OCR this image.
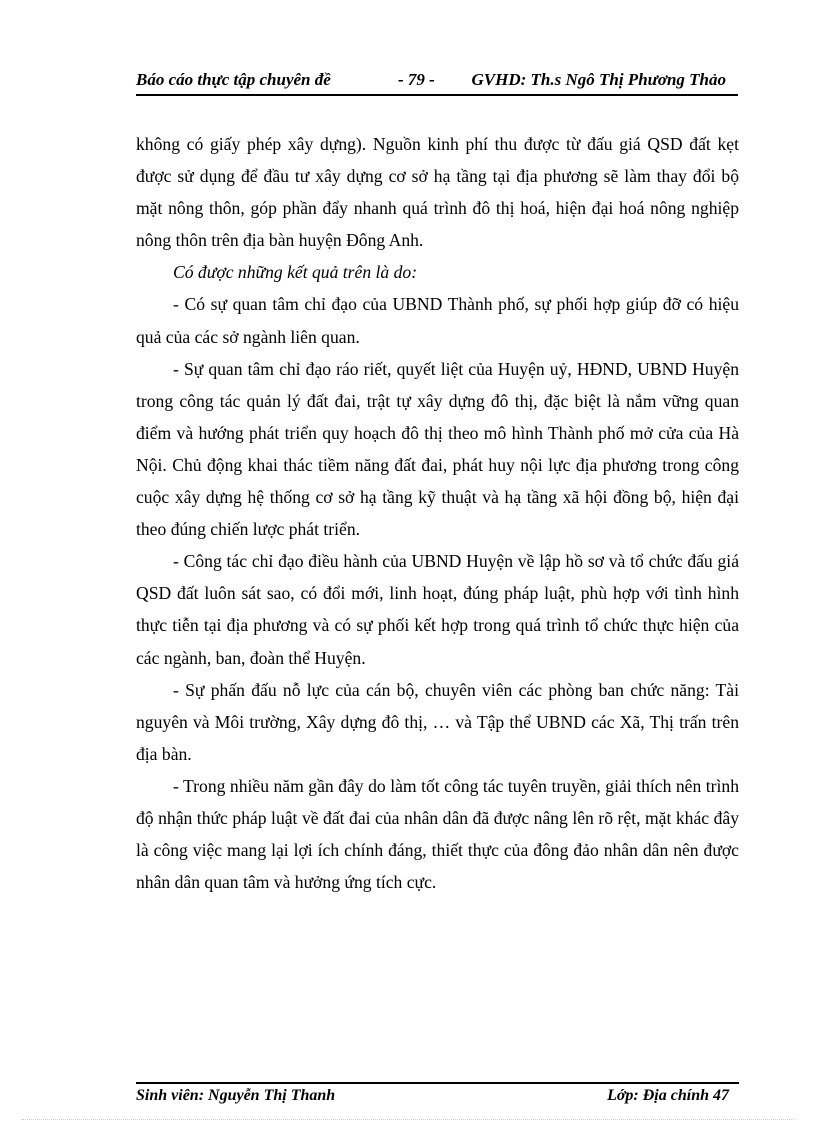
Báo cáo thực tập chuyên đề	- 79 - GVHD: Th.s Ngô Thị Phương Thảo

không có giấy phép xây dựng). Nguồn kinh phí thu được từ đấu giá QSD đất kẹt được sử dụng để đầu tư xây dựng cơ sở hạ tầng tại địa phương sẽ làm thay đổi bộ mặt nông thôn, góp phần đẩy nhanh quá trình đô thị hoá, hiện đại hoá nông nghiệp nông thôn trên địa bàn huyện Đông Anh.

Có được những kết quả trên là do:

- Có sự quan tâm chỉ đạo của UBND Thành phố, sự phối hợp giúp đỡ có hiệu quả của các sở ngành liên quan.

- Sự quan tâm chỉ đạo ráo riết, quyết liệt của Huyện uỷ, HĐND, UBND Huyện trong công tác quản lý đất đai, trật tự xây dựng đô thị, đặc biệt là nắm vững quan điểm và hướng phát triển quy hoạch đô thị theo mô hình Thành phố mở cửa của Hà Nội. Chủ động khai thác tiềm năng đất đai, phát huy nội lực địa phương trong công cuộc xây dựng hệ thống cơ sở hạ tầng kỹ thuật và hạ tầng xã hội đồng bộ, hiện đại theo đúng chiến lược phát triển.

- Công tác chỉ đạo điều hành của UBND Huyện về lập hồ sơ và tổ chức đấu giá QSD đất luôn sát sao, có đổi mới, linh hoạt, đúng pháp luật, phù hợp với tình hình thực tiễn tại địa phương và có sự phối kết hợp trong quá trình tổ chức thực hiện của các ngành, ban, đoàn thể Huyện.

- Sự phấn đấu nỗ lực của cán bộ, chuyên viên các phòng ban chức năng: Tài nguyên và Môi trường, Xây dựng đô thị, … và Tập thể UBND các Xã, Thị trấn trên địa bàn.

- Trong nhiều năm gần đây do làm tốt công tác tuyên truyền, giải thích nên trình độ nhận thức pháp luật về đất đai của nhân dân đã được nâng lên rõ rệt, mặt khác đây là công việc mang lại lợi ích chính đáng, thiết thực của đông đảo nhân dân nên được nhân dân quan tâm và hưởng ứng tích cực.

Sinh viên: Nguyễn Thị Thanh	Lớp: Địa chính 47
